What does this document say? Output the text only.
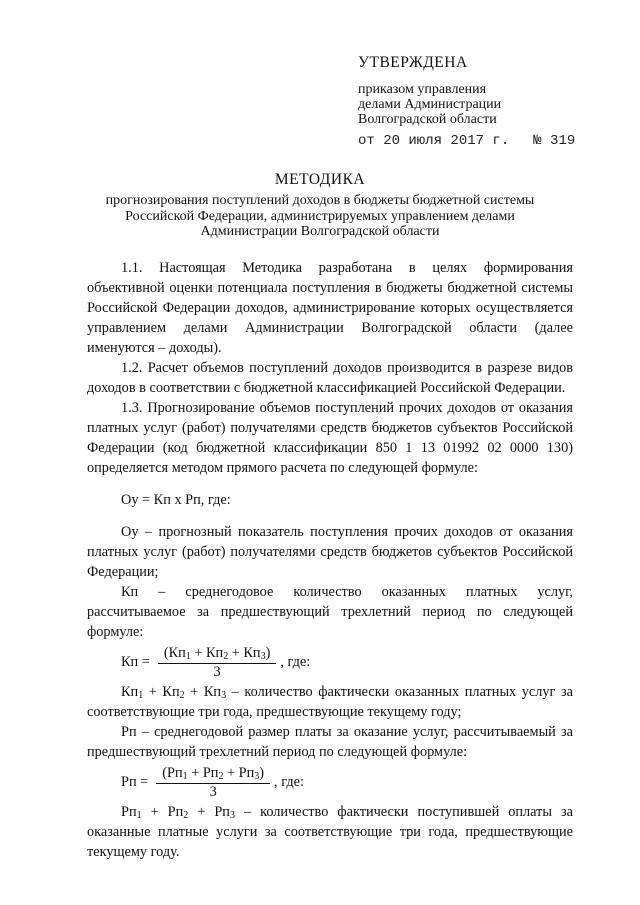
УТВЕРЖДЕНА
приказом управления
делами Администрации
Волгоградской области
от 20 июля 2017 г. № 319
МЕТОДИКА
прогнозирования поступлений доходов в бюджеты бюджетной системы
Российской Федерации, администрируемых управлением делами
Администрации Волгоградской области

1.1. Настоящая Методика разработана в целях формирования объективной оценки потенциала поступления в бюджеты бюджетной системы Российской Федерации доходов, администрирование которых осуществляется управлением делами Администрации Волгоградской области (далее именуются – доходы).

1.2. Расчет объемов поступлений доходов производится в разрезе видов доходов в соответствии с бюджетной классификацией Российской Федерации.

1.3. Прогнозирование объемов поступлений прочих доходов от оказания платных услуг (работ) получателями средств бюджетов субъектов Российской Федерации (код бюджетной классификации 850 1 13 01992 02 0000 130) определяется методом прямого расчета по следующей формуле:

Оу = Кп х Рп, где:

Оу – прогнозный показатель поступления прочих доходов от оказания платных услуг (работ) получателями средств бюджетов субъектов Российской Федерации;

Кп – среднегодовое количество оказанных платных услуг, рассчитываемое за предшествующий трехлетний период по следующей формуле:

Кп = $\frac{(Кп_1 + Кп_2 + Кп_3)}{3}$ , где:

$Кп_1 + Кп_2 + Кп_3$ – количество фактически оказанных платных услуг за соответствующие три года, предшествующие текущему году;

Рп – среднегодовой размер платы за оказание услуг, рассчитываемый за предшествующий трехлетний период по следующей формуле:

Рп = $\frac{(Рп_1 + Рп_2 + Рп_3)}{3}$ , где:

$Рп_1 + Рп_2 + Рп_3$ – количество фактически поступившей оплаты за оказанные платные услуги за соответствующие три года, предшествующие текущему году.
